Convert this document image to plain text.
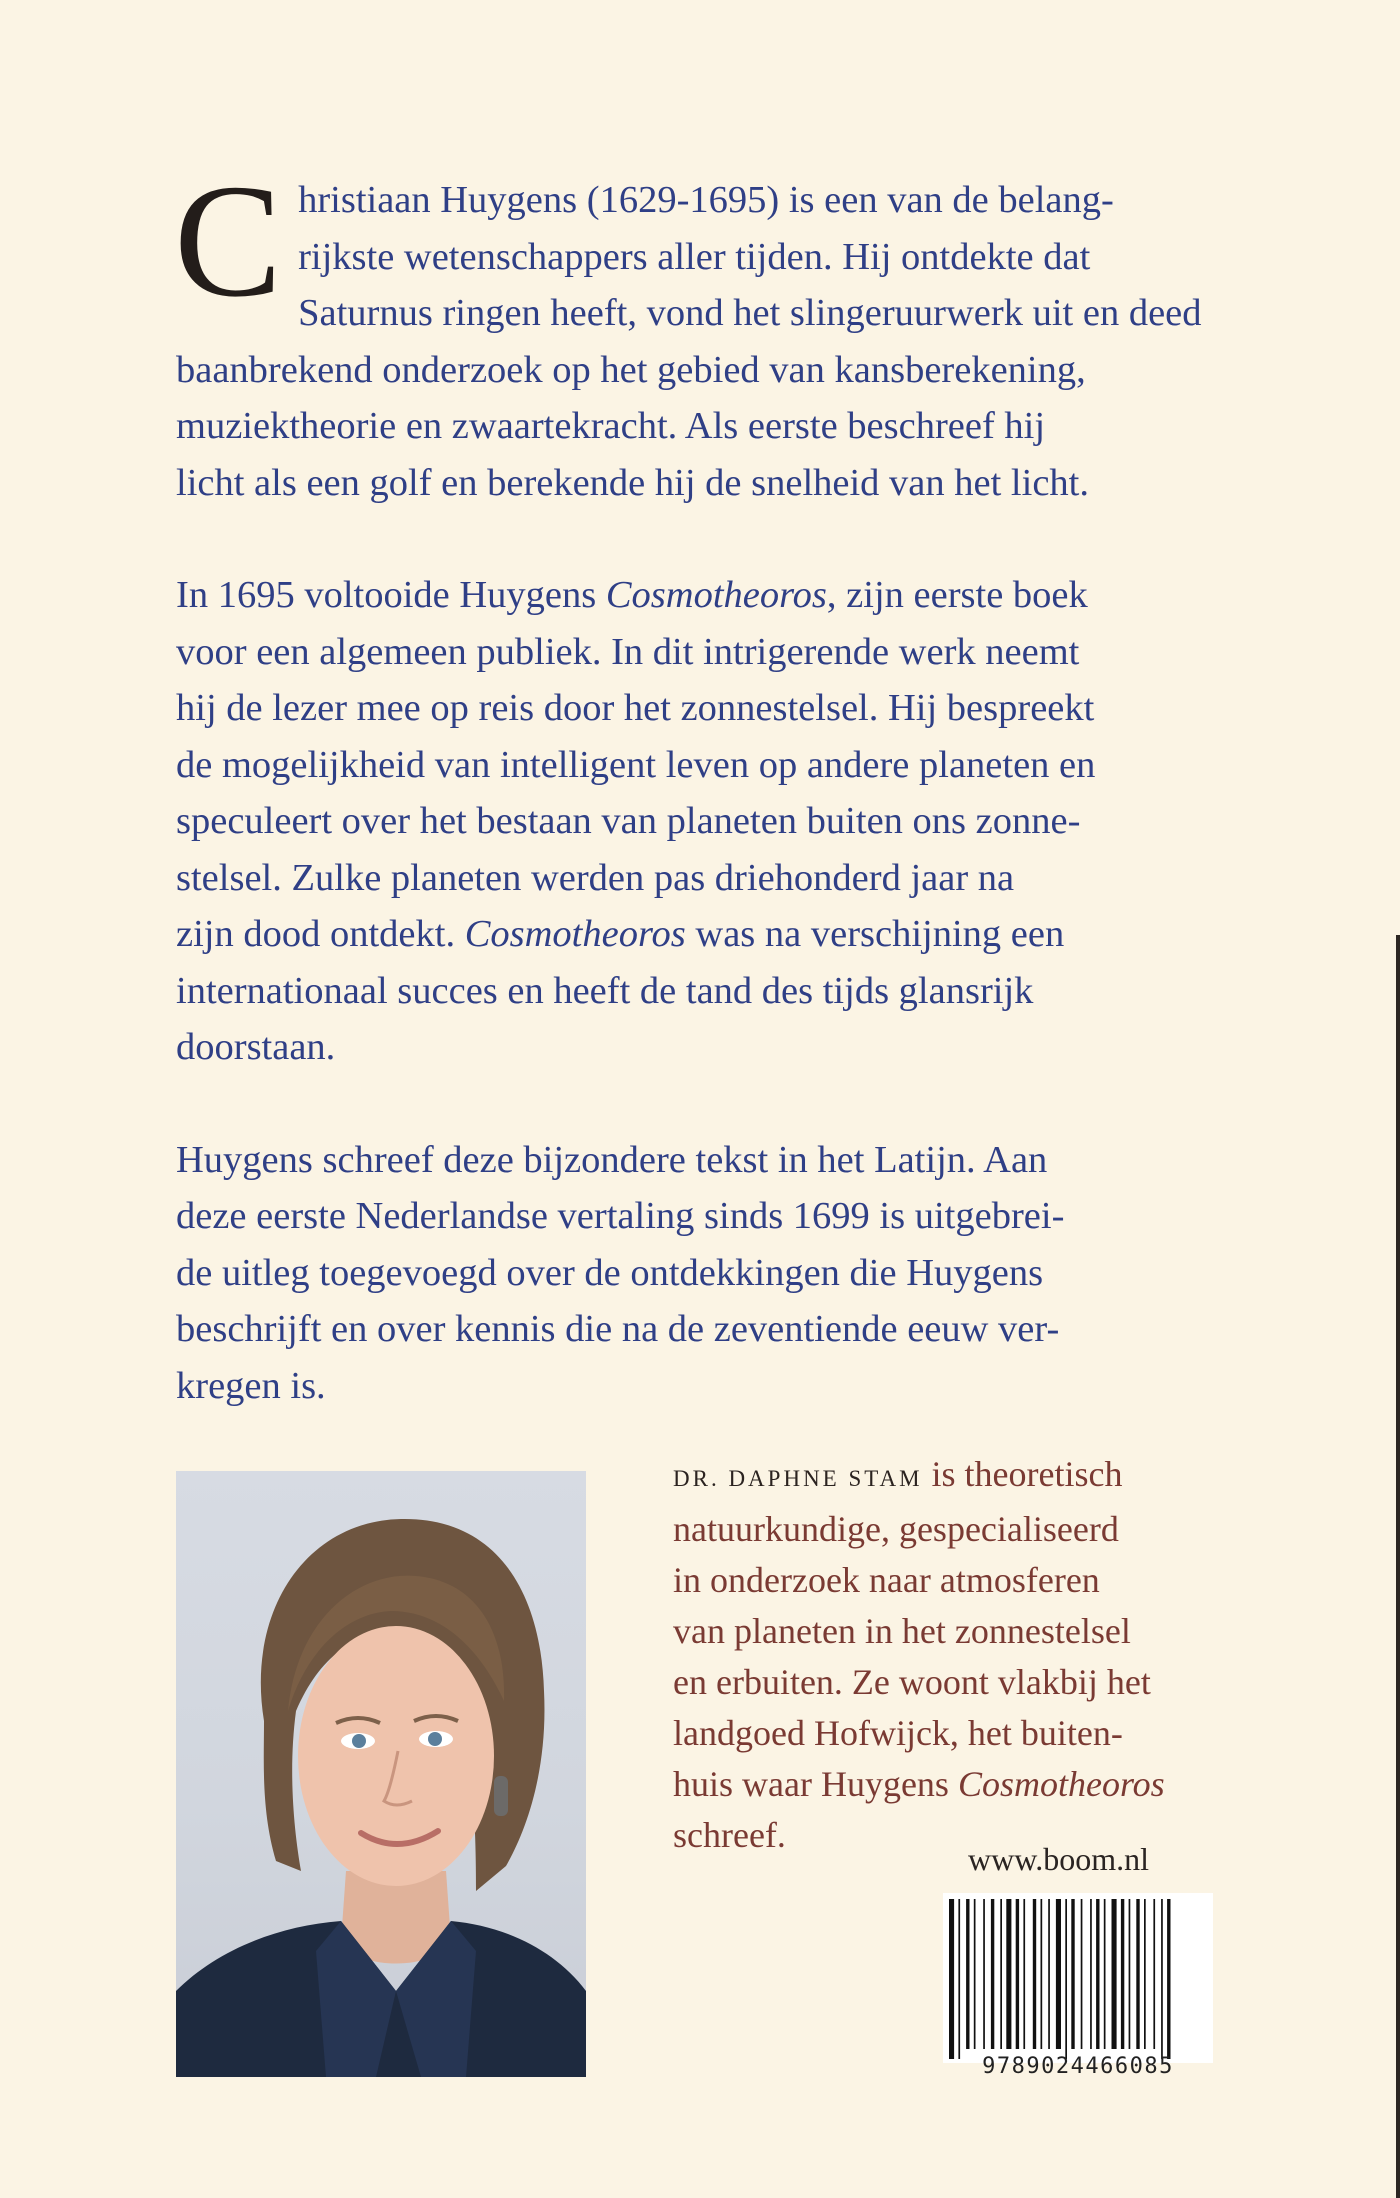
C hristiaan Huygens (1629-1695) is een van de belang-
rijkste wetenschappers aller tijden. Hij ontdekte dat
Saturnus ringen heeft, vond het slingeruurwerk uit en deed
baanbrekend onderzoek op het gebied van kansberekening,
muziektheorie en zwaartekracht. Als eerste beschreef hij
licht als een golf en berekende hij de snelheid van het licht.
In 1695 voltooide Huygens Cosmotheoros, zijn eerste boek
voor een algemeen publiek. In dit intrigerende werk neemt
hij de lezer mee op reis door het zonnestelsel. Hij bespreekt
de mogelijkheid van intelligent leven op andere planeten en
speculeert over het bestaan van planeten buiten ons zonne-
stelsel. Zulke planeten werden pas driehonderd jaar na
zijn dood ontdekt. Cosmotheoros was na verschijning een
internationaal succes en heeft de tand des tijds glansrijk
doorstaan.
Huygens schreef deze bijzondere tekst in het Latijn. Aan
deze eerste Nederlandse vertaling sinds 1699 is uitgebrei-
de uitleg toegevoegd over de ontdekkingen die Huygens
beschrijft en over kennis die na de zeventiende eeuw ver-
kregen is.
DR. DAPHNE STAM is theoretisch
natuurkundige, gespecialiseerd
in onderzoek naar atmosferen
van planeten in het zonnestelsel
en erbuiten. Ze woont vlakbij het
landgoed Hofwijck, het buiten-
huis waar Huygens Cosmotheoros
schreef.
www.boom.nl
9789024466085
